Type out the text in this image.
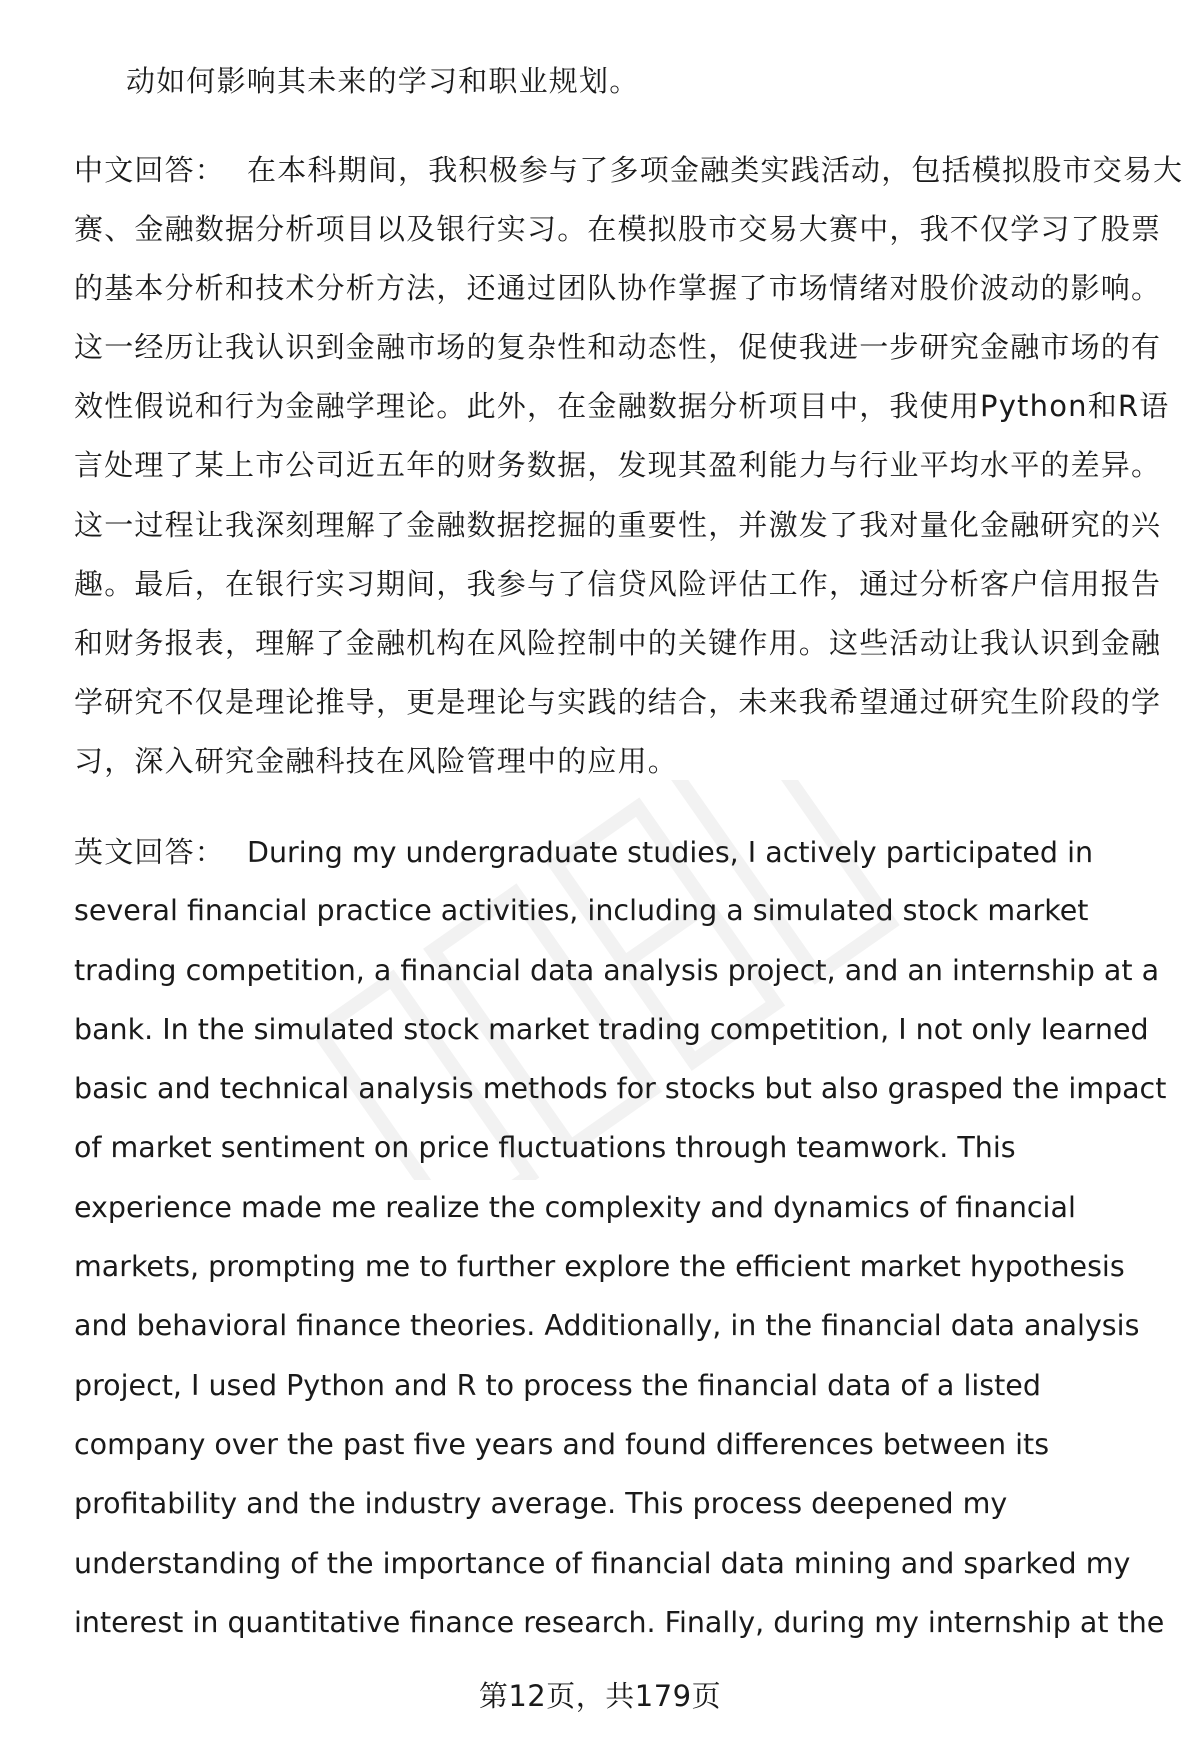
动如何影响其未来的学习和职业规划。
中文回答： 在本科期间，我积极参与了多项金融类实践活动，包括模拟股市交易大
赛、金融数据分析项目以及银行实习。在模拟股市交易大赛中，我不仅学习了股票
的基本分析和技术分析方法，还通过团队协作掌握了市场情绪对股价波动的影响。
这一经历让我认识到金融市场的复杂性和动态性，促使我进一步研究金融市场的有
效性假说和行为金融学理论。此外，在金融数据分析项目中，我使用Python和R语
言处理了某上市公司近五年的财务数据，发现其盈利能力与行业平均水平的差异。
这一过程让我深刻理解了金融数据挖掘的重要性，并激发了我对量化金融研究的兴
趣。最后，在银行实习期间，我参与了信贷风险评估工作，通过分析客户信用报告
和财务报表，理解了金融机构在风险控制中的关键作用。这些活动让我认识到金融
学研究不仅是理论推导，更是理论与实践的结合，未来我希望通过研究生阶段的学
习，深入研究金融科技在风险管理中的应用。
英文回答： During my undergraduate studies, I actively participated in
several financial practice activities, including a simulated stock market
trading competition, a financial data analysis project, and an internship at a
bank. In the simulated stock market trading competition, I not only learned
basic and technical analysis methods for stocks but also grasped the impact
of market sentiment on price fluctuations through teamwork. This
experience made me realize the complexity and dynamics of financial
markets, prompting me to further explore the efficient market hypothesis
and behavioral finance theories. Additionally, in the financial data analysis
project, I used Python and R to process the financial data of a listed
company over the past five years and found differences between its
profitability and the industry average. This process deepened my
understanding of the importance of financial data mining and sparked my
interest in quantitative finance research. Finally, during my internship at the
第12页，共179页
